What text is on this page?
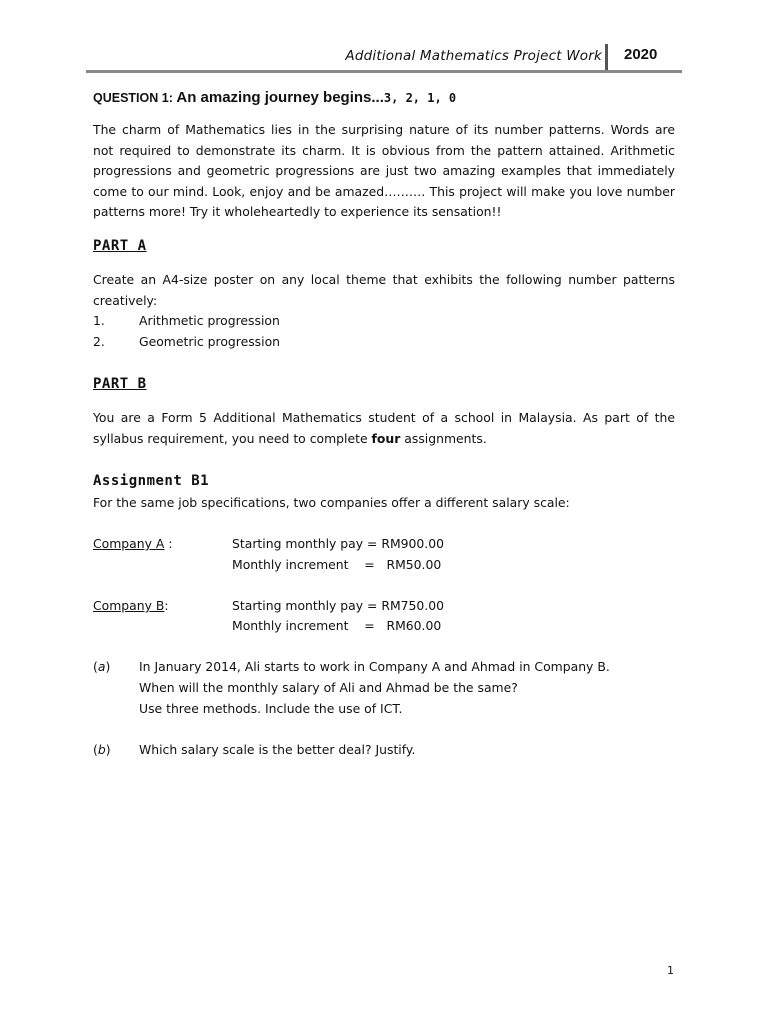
Additional Mathematics Project Work 2020
QUESTION 1: An amazing journey begins...3, 2, 1, 0
The charm of Mathematics lies in the surprising nature of its number patterns. Words are
not required to demonstrate its charm. It is obvious from the pattern attained. Arithmetic
progressions and geometric progressions are just two amazing examples that immediately
come to our mind. Look, enjoy and be amazed………. This project will make you love number
patterns more! Try it wholeheartedly to experience its sensation!!
PART A
Create an A4-size poster on any local theme that exhibits the following number patterns
creatively:
1.	Arithmetic progression
2.	Geometric progression
PART B
You are a Form 5 Additional Mathematics student of a school in Malaysia. As part of the
syllabus requirement, you need to complete four assignments.
Assignment B1
For the same job specifications, two companies offer a different salary scale:
Company A :	Starting monthly pay = RM900.00
Monthly increment    =   RM50.00
Company B:	Starting monthly pay = RM750.00
Monthly increment    =   RM60.00
(a)	In January 2014, Ali starts to work in Company A and Ahmad in Company B.
When will the monthly salary of Ali and Ahmad be the same?
Use three methods. Include the use of ICT.
(b)	Which salary scale is the better deal? Justify.
1
